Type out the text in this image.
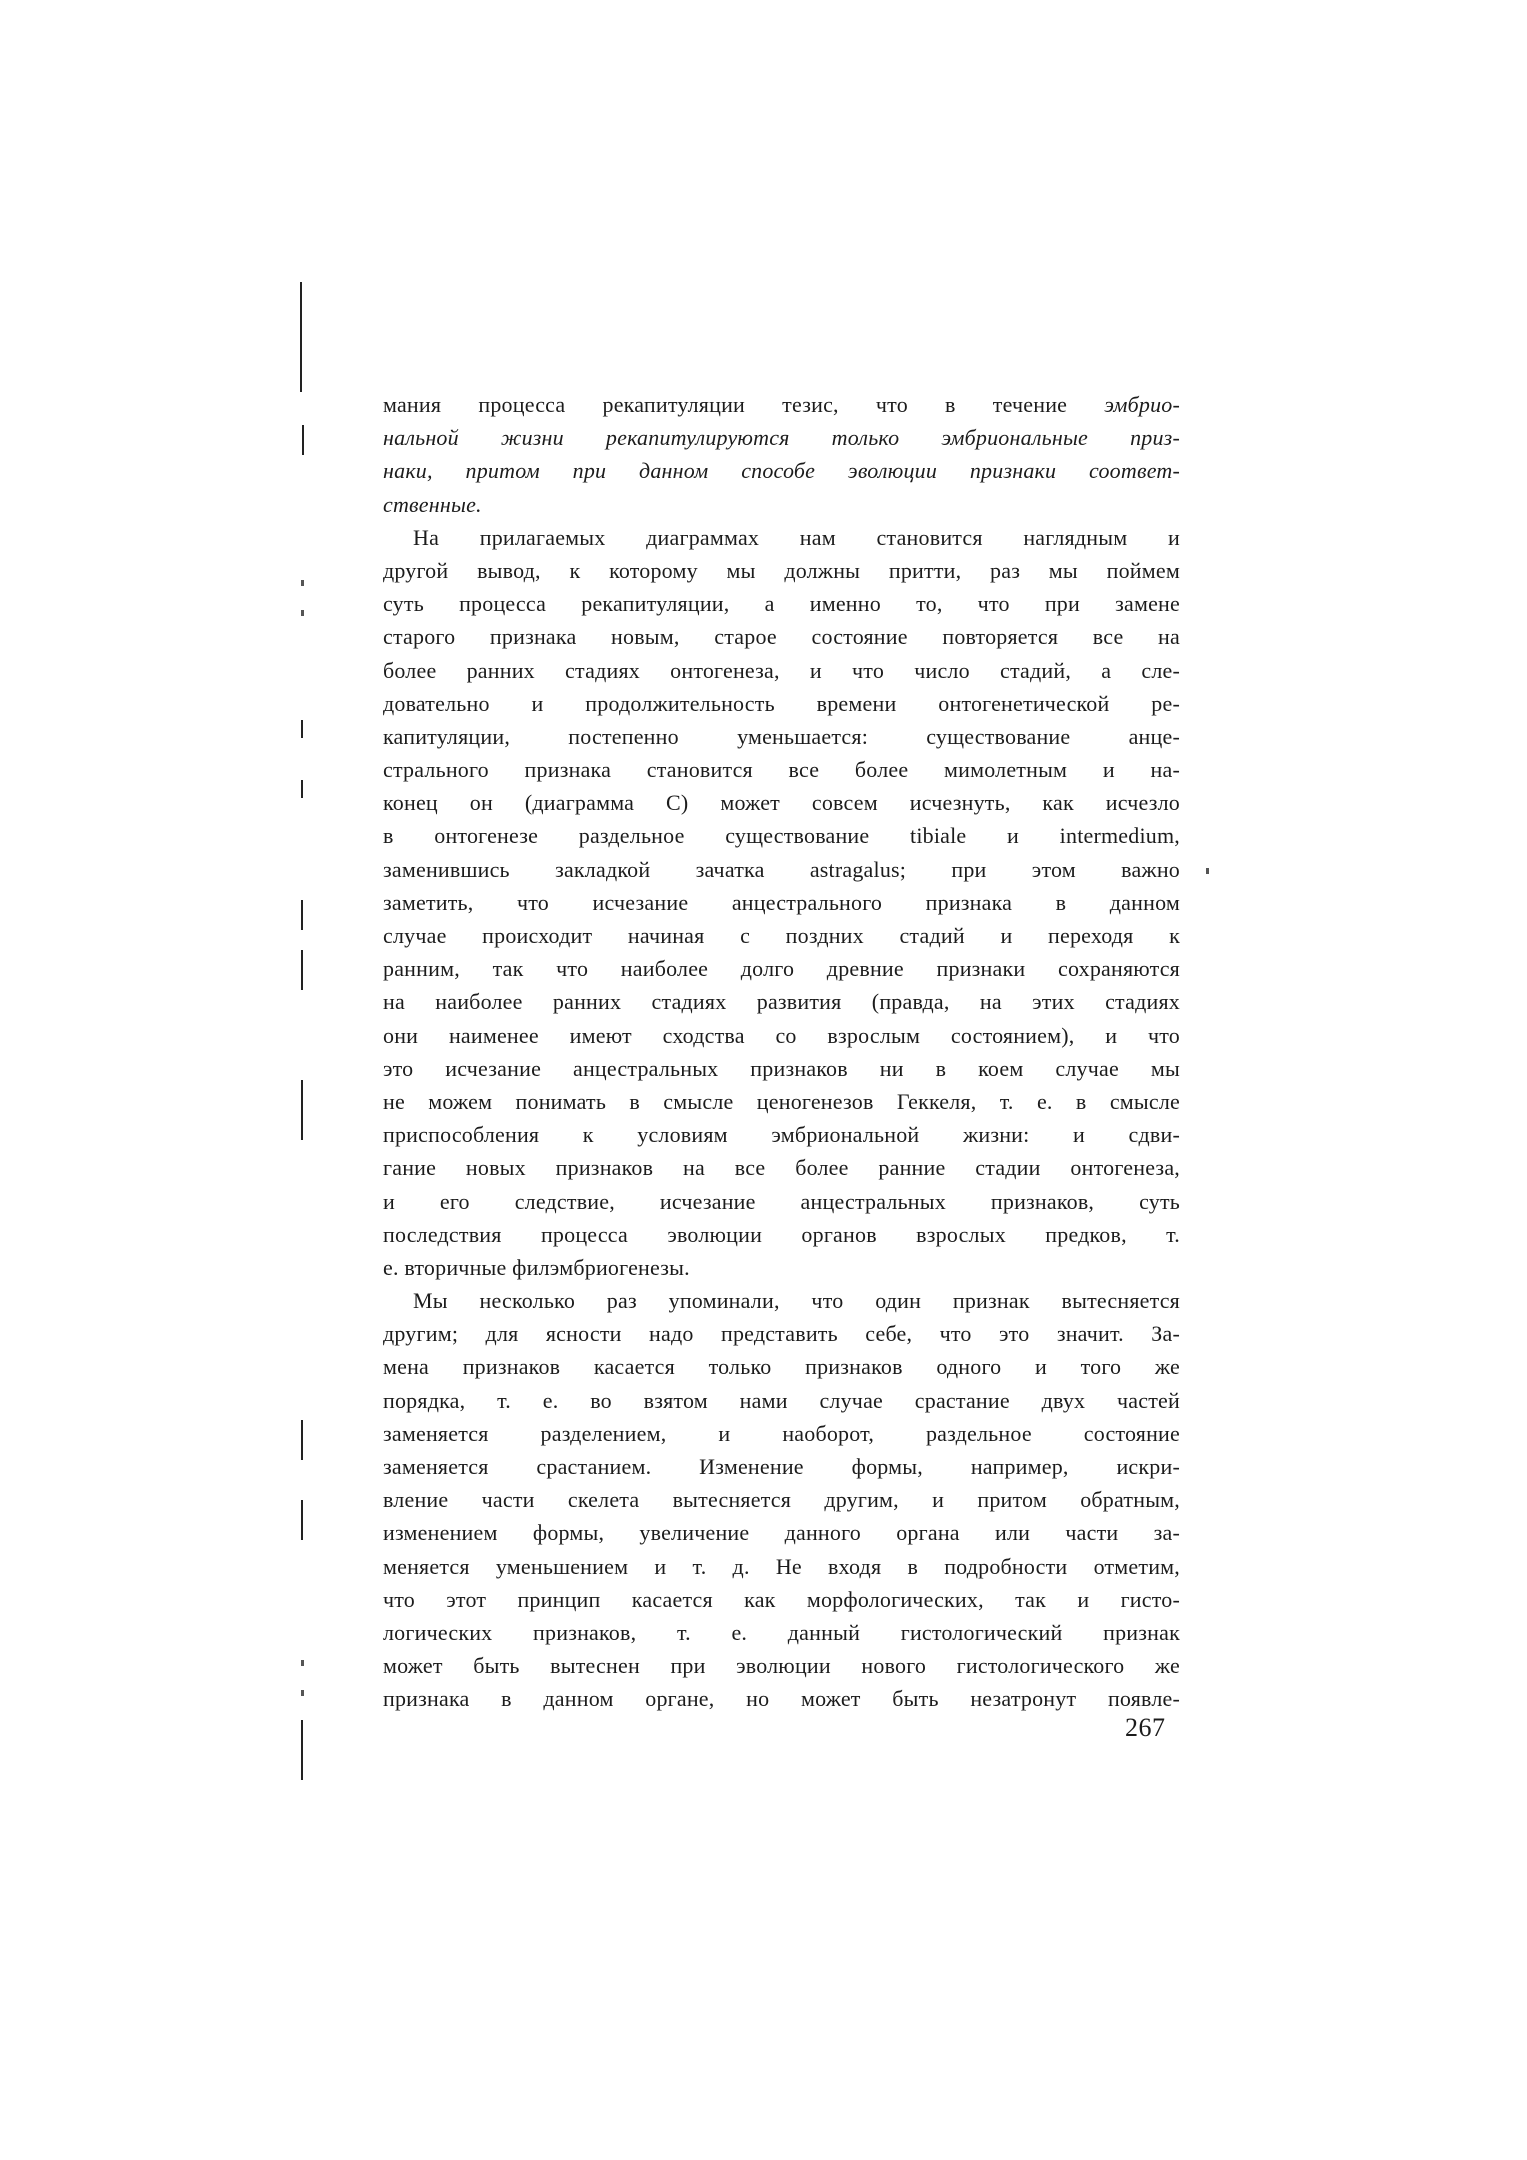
мания процесса рекапитуляции тезис, что в течение эмбрио-
нальной жизни рекапитулируются только эмбриональные приз-
наки, притом при данном способе эволюции признаки соответ-
ственные.
На прилагаемых диаграммах нам становится наглядным и
другой вывод, к которому мы должны притти, раз мы поймем
суть процесса рекапитуляции, а именно то, что при замене
старого признака новым, старое состояние повторяется все на
более ранних стадиях онтогенеза, и что число стадий, а сле-
довательно и продолжительность времени онтогенетической ре-
капитуляции, постепенно уменьшается: существование анце-
стрального признака становится все более мимолетным и на-
конец он (диаграмма C) может совсем исчезнуть, как исчезло
в онтогенезе раздельное существование tibiale и intermedium,
заменившись закладкой зачатка astragalus; при этом важно
заметить, что исчезание анцестрального признака в данном
случае происходит начиная с поздних стадий и переходя к
ранним, так что наиболее долго древние признаки сохраняются
на наиболее ранних стадиях развития (правда, на этих стадиях
они наименее имеют сходства со взрослым состоянием), и что
это исчезание анцестральных признаков ни в коем случае мы
не можем понимать в смысле ценогенезов Геккеля, т. е. в смысле
приспособления к условиям эмбриональной жизни: и сдви-
гание новых признаков на все более ранние стадии онтогенеза,
и его следствие, исчезание анцестральных признаков, суть
последствия процесса эволюции органов взрослых предков, т.
е. вторичные филэмбриогенезы.
Мы несколько раз упоминали, что один признак вытесняется
другим; для ясности надо представить себе, что это значит. За-
мена признаков касается только признаков одного и того же
порядка, т. е. во взятом нами случае срастание двух частей
заменяется разделением, и наоборот, раздельное состояние
заменяется срастанием. Изменение формы, например, искри-
вление части скелета вытесняется другим, и притом обратным,
изменением формы, увеличение данного органа или части за-
меняется уменьшением и т. д. Не входя в подробности отметим,
что этот принцип касается как морфологических, так и гисто-
логических признаков, т. е. данный гистологический признак
может быть вытеснен при эволюции нового гистологического же
признака в данном органе, но может быть незатронут появле-
267
